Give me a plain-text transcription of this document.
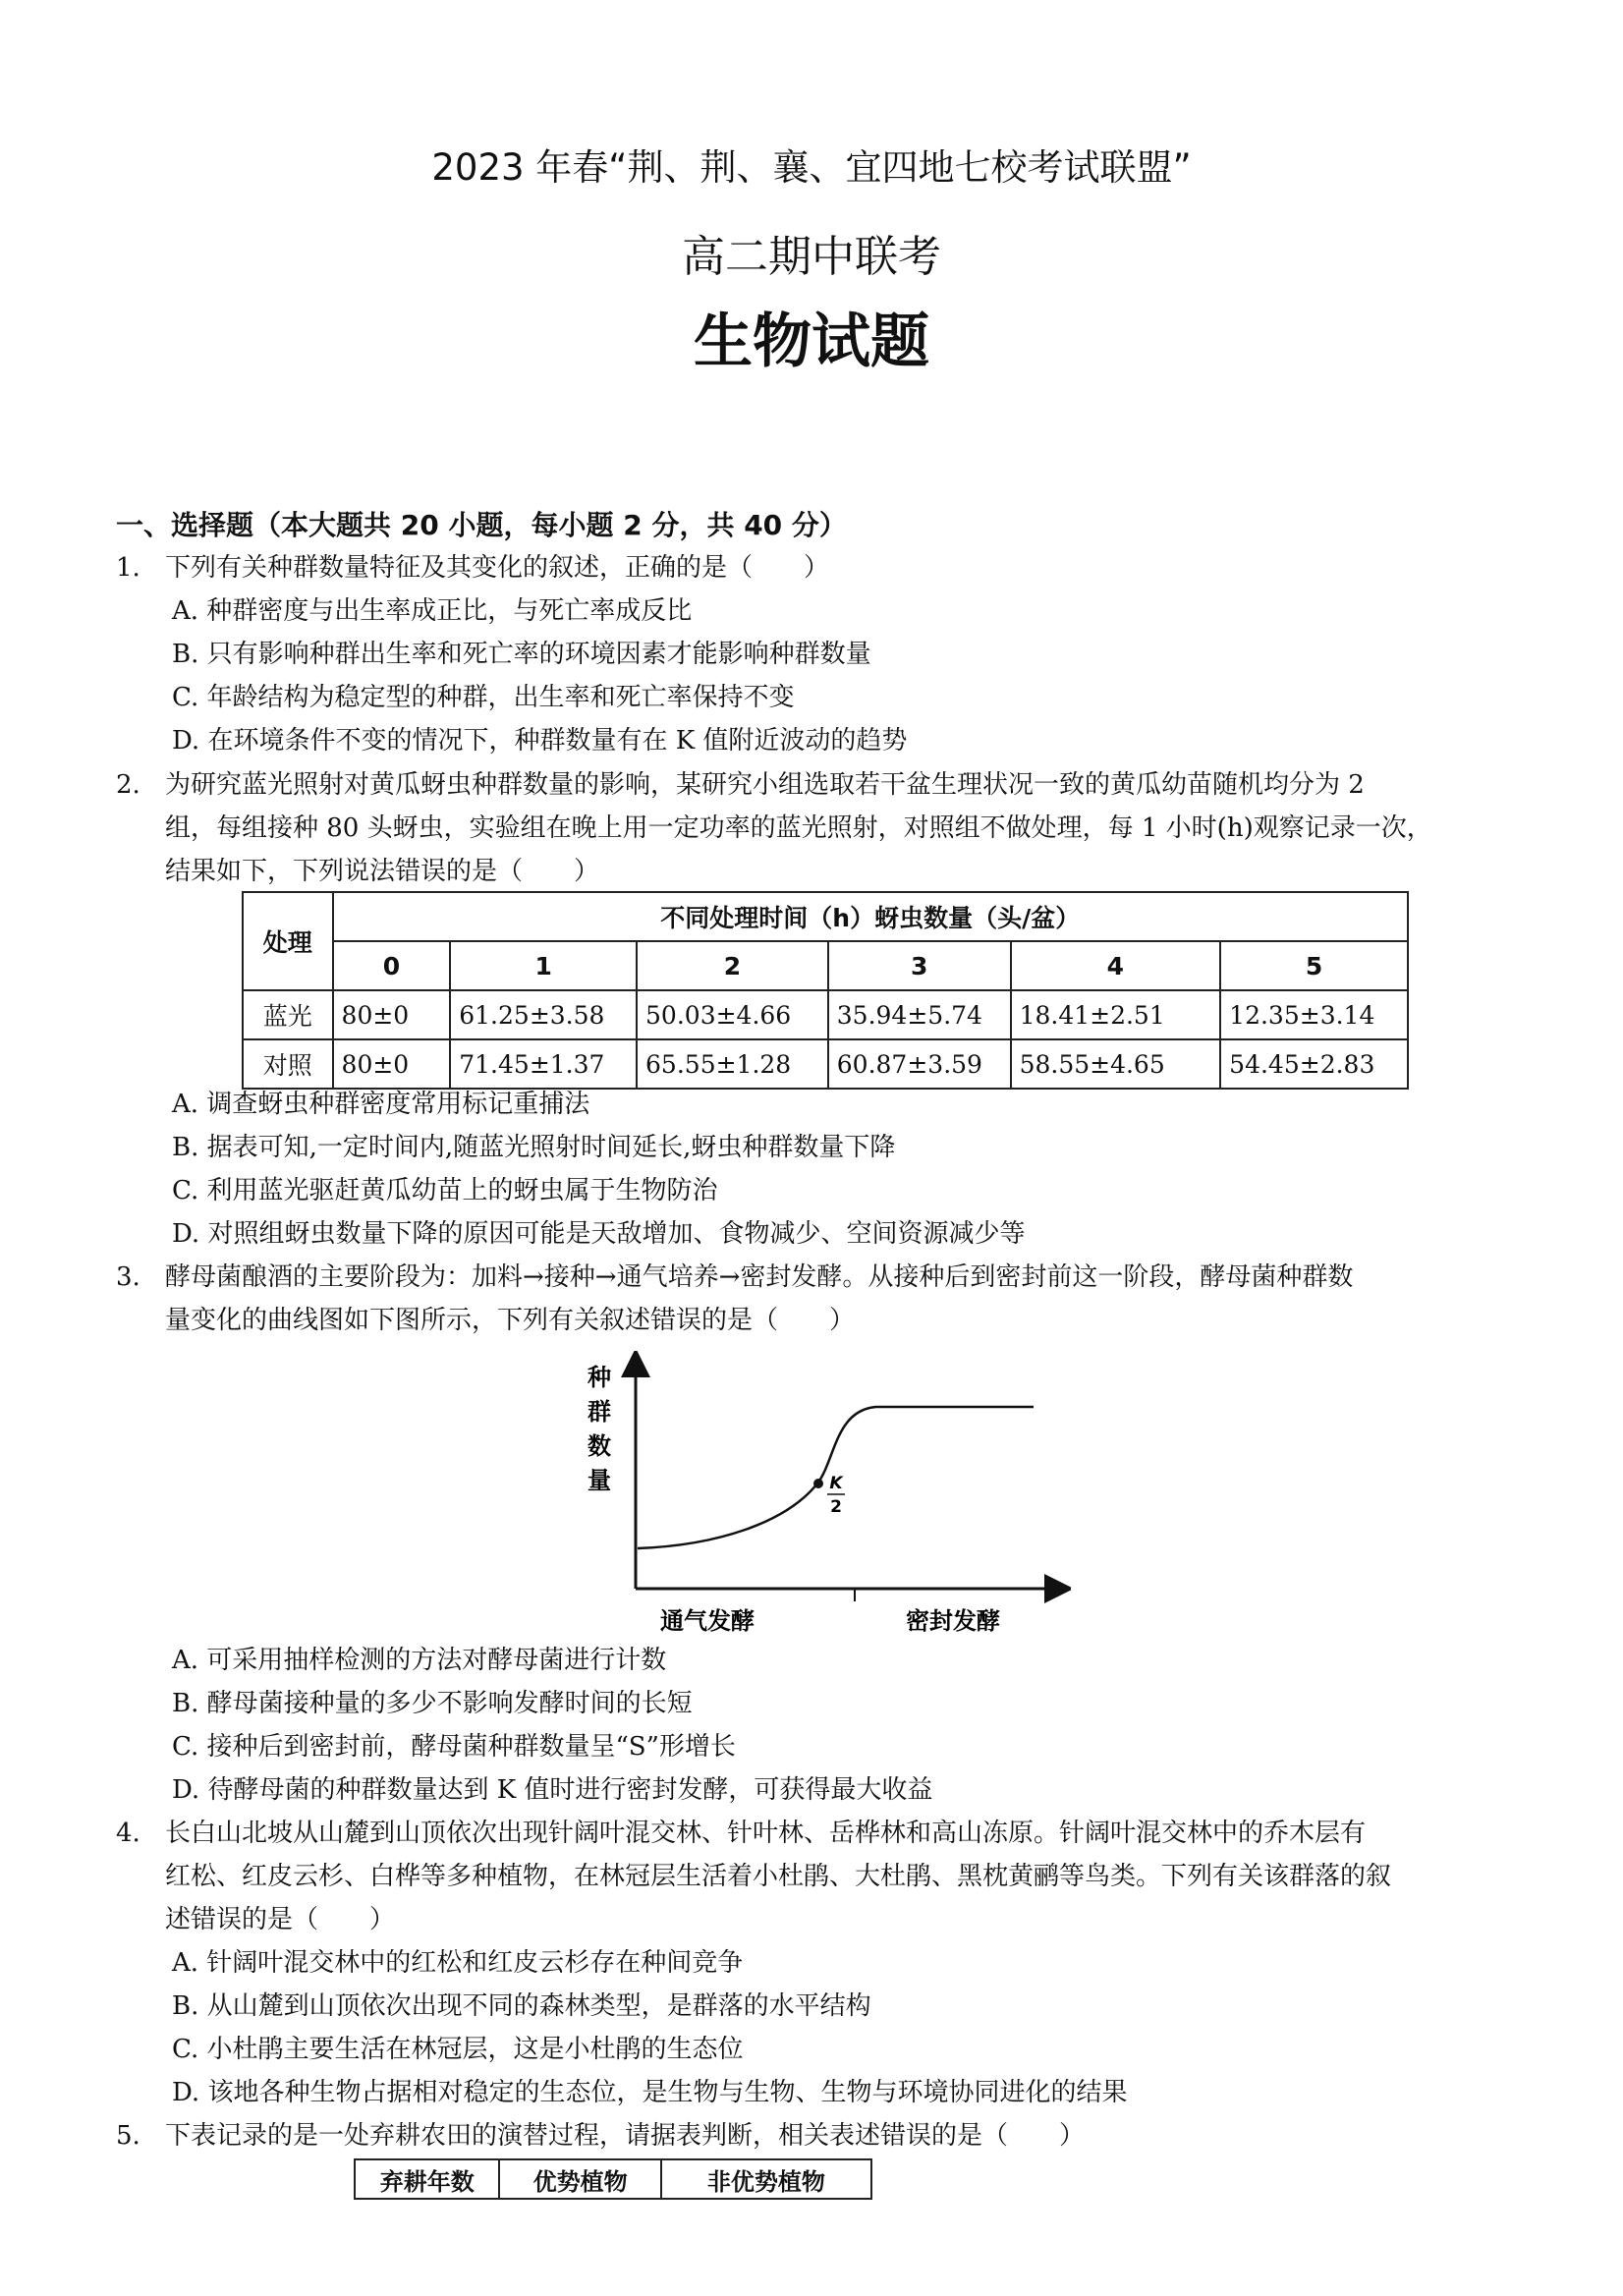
2023 年春“荆、荆、襄、宜四地七校考试联盟”
高二期中联考
生物试题
一、选择题（本大题共 20 小题，每小题 2 分，共 40 分）
1. 下列有关种群数量特征及其变化的叙述，正确的是（　　）
A. 种群密度与出生率成正比，与死亡率成反比
B. 只有影响种群出生率和死亡率的环境因素才能影响种群数量
C. 年龄结构为稳定型的种群，出生率和死亡率保持不变
D. 在环境条件不变的情况下，种群数量有在 K 值附近波动的趋势
2. 为研究蓝光照射对黄瓜蚜虫种群数量的影响，某研究小组选取若干盆生理状况一致的黄瓜幼苗随机均分为 2
组，每组接种 80 头蚜虫，实验组在晚上用一定功率的蓝光照射，对照组不做处理，每 1 小时(h)观察记录一次，
结果如下，下列说法错误的是（　　）
处理	不同处理时间（h）蚜虫数量（头/盆）					
	0	1	2	3	4	5
蓝光	80±0	61.25±3.58	50.03±4.66	35.94±5.74	18.41±2.51	12.35±3.14
对照	80±0	71.45±1.37	65.55±1.28	60.87±3.59	58.55±4.65	54.45±2.83
A. 调查蚜虫种群密度常用标记重捕法
B. 据表可知,一定时间内,随蓝光照射时间延长,蚜虫种群数量下降
C. 利用蓝光驱赶黄瓜幼苗上的蚜虫属于生物防治
D. 对照组蚜虫数量下降的原因可能是天敌增加、食物减少、空间资源减少等
3. 酵母菌酿酒的主要阶段为：加料→接种→通气培养→密封发酵。从接种后到密封前这一阶段，酵母菌种群数
量变化的曲线图如下图所示，下列有关叙述错误的是（　　）
种
群
数
量	K
2
通气发酵	密封发酵
A. 可采用抽样检测的方法对酵母菌进行计数
B. 酵母菌接种量的多少不影响发酵时间的长短
C. 接种后到密封前，酵母菌种群数量呈“S”形增长
D. 待酵母菌的种群数量达到 K 值时进行密封发酵，可获得最大收益
4. 长白山北坡从山麓到山顶依次出现针阔叶混交林、针叶林、岳桦林和高山冻原。针阔叶混交林中的乔木层有
红松、红皮云杉、白桦等多种植物，在林冠层生活着小杜鹃、大杜鹃、黑枕黄鹂等鸟类。下列有关该群落的叙
述错误的是（　　）
A. 针阔叶混交林中的红松和红皮云杉存在种间竞争
B. 从山麓到山顶依次出现不同的森林类型，是群落的水平结构
C. 小杜鹃主要生活在林冠层，这是小杜鹃的生态位
D. 该地各种生物占据相对稳定的生态位，是生物与生物、生物与环境协同进化的结果
5. 下表记录的是一处弃耕农田的演替过程，请据表判断，相关表述错误的是（　　）
弃耕年数	优势植物	非优势植物
